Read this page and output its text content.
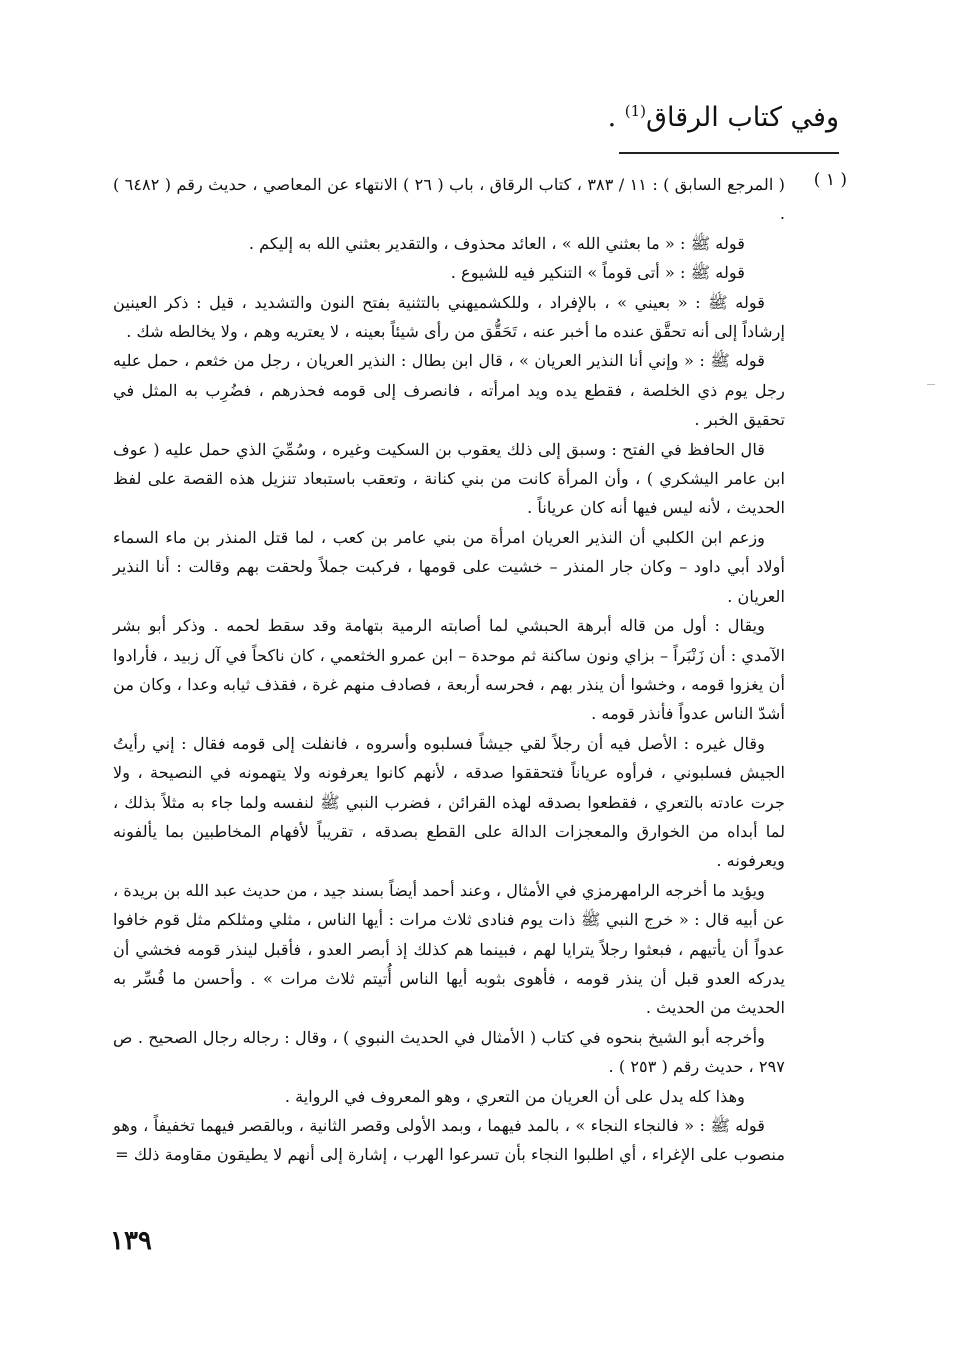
وفي كتاب الرقاق$^{(1)}$ .
( ١ )

( المرجع السابق ) : ١١ / ٣٨٣ ، كتاب الرقاق ، باب ( ٢٦ ) الانتهاء عن المعاصي ، حديث رقم ( ٦٤٨٢ ) .

قوله ﷺ : « ما بعثني الله » ، العائد محذوف ، والتقدير بعثني الله به إليكم .

قوله ﷺ : « أتى قوماً » التنكير فيه للشيوع .

قوله ﷺ : « بعيني » ، بالإفراد ، وللكشميهني بالتثنية بفتح النون والتشديد ، قيل : ذكر العينين إرشاداً إلى أنه تحقَّق عنده ما أخبر عنه ، تَحَقُّق من رأى شيئاً بعينه ، لا يعتريه وهم ، ولا يخالطه شك .

قوله ﷺ : « وإني أنا النذير العريان » ، قال ابن بطال : النذير العريان ، رجل من خثعم ، حمل عليه رجل يوم ذي الخلصة ، فقطع يده ويد امرأته ، فانصرف إلى قومه فحذرهم ، فضُرِب به المثل في تحقيق الخبر .

قال الحافظ في الفتح : وسبق إلى ذلك يعقوب بن السكيت وغيره ، وسُمِّيَ الذي حمل عليه ( عوف ابن عامر اليشكري ) ، وأن المرأة كانت من بني كنانة ، وتعقب باستبعاد تنزيل هذه القصة على لفظ الحديث ، لأنه ليس فيها أنه كان عرياناً .

وزعم ابن الكلبي أن النذير العريان امرأة من بني عامر بن كعب ، لما قتل المنذر بن ماء السماء أولاد أبي داود – وكان جار المنذر – خشيت على قومها ، فركبت جملاً ولحقت بهم وقالت : أنا النذير العريان .

ويقال : أول من قاله أبرهة الحبشي لما أصابته الرمية بتهامة وقد سقط لحمه . وذكر أبو بشر الآمدي : أن زَنْبَراً – بزاي ونون ساكنة ثم موحدة – ابن عمرو الخثعمي ، كان ناكحاً في آل زبيد ، فأرادوا أن يغزوا قومه ، وخشوا أن ينذر بهم ، فحرسه أربعة ، فصادف منهم غرة ، فقذف ثيابه وعدا ، وكان من أشدّ الناس عدواً فأنذر قومه .

وقال غيره : الأصل فيه أن رجلاً لقي جيشاً فسلبوه وأسروه ، فانفلت إلى قومه فقال : إني رأيتُ الجيش فسلبوني ، فرأوه عرياناً فتحققوا صدقه ، لأنهم كانوا يعرفونه ولا يتهمونه في النصيحة ، ولا جرت عادته بالتعري ، فقطعوا بصدقه لهذه القرائن ، فضرب النبي ﷺ لنفسه ولما جاء به مثلاً بذلك ، لما أبداه من الخوارق والمعجزات الدالة على القطع بصدقه ، تقريباً لأفهام المخاطبين بما يألفونه ويعرفونه .

ويؤيد ما أخرجه الرامهرمزي في الأمثال ، وعند أحمد أيضاً بسند جيد ، من حديث عبد الله بن بريدة ، عن أبيه قال : « خرج النبي ﷺ ذات يوم فنادى ثلاث مرات : أيها الناس ، مثلي ومثلكم مثل قوم خافوا عدواً أن يأتيهم ، فبعثوا رجلاً يترايا لهم ، فبينما هم كذلك إذ أبصر العدو ، فأقبل لينذر قومه فخشي أن يدركه العدو قبل أن ينذر قومه ، فأهوى بثوبه أيها الناس أُتيتم ثلاث مرات » . وأحسن ما فُسِّر به الحديث من الحديث .

وأخرجه أبو الشيخ بنحوه في كتاب ( الأمثال في الحديث النبوي ) ، وقال : رجاله رجال الصحيح . ص ٢٩٧ ، حديث رقم ( ٢٥٣ ) .

وهذا كله يدل على أن العريان من التعري ، وهو المعروف في الرواية .

قوله ﷺ : « فالنجاء النجاء » ، بالمد فيهما ، وبمد الأولى وقصر الثانية ، وبالقصر فيهما تخفيفاً ، وهو منصوب على الإغراء ، أي اطلبوا النجاء بأن تسرعوا الهرب ، إشارة إلى أنهم لا يطيقون مقاومة ذلك =

١٣٩
